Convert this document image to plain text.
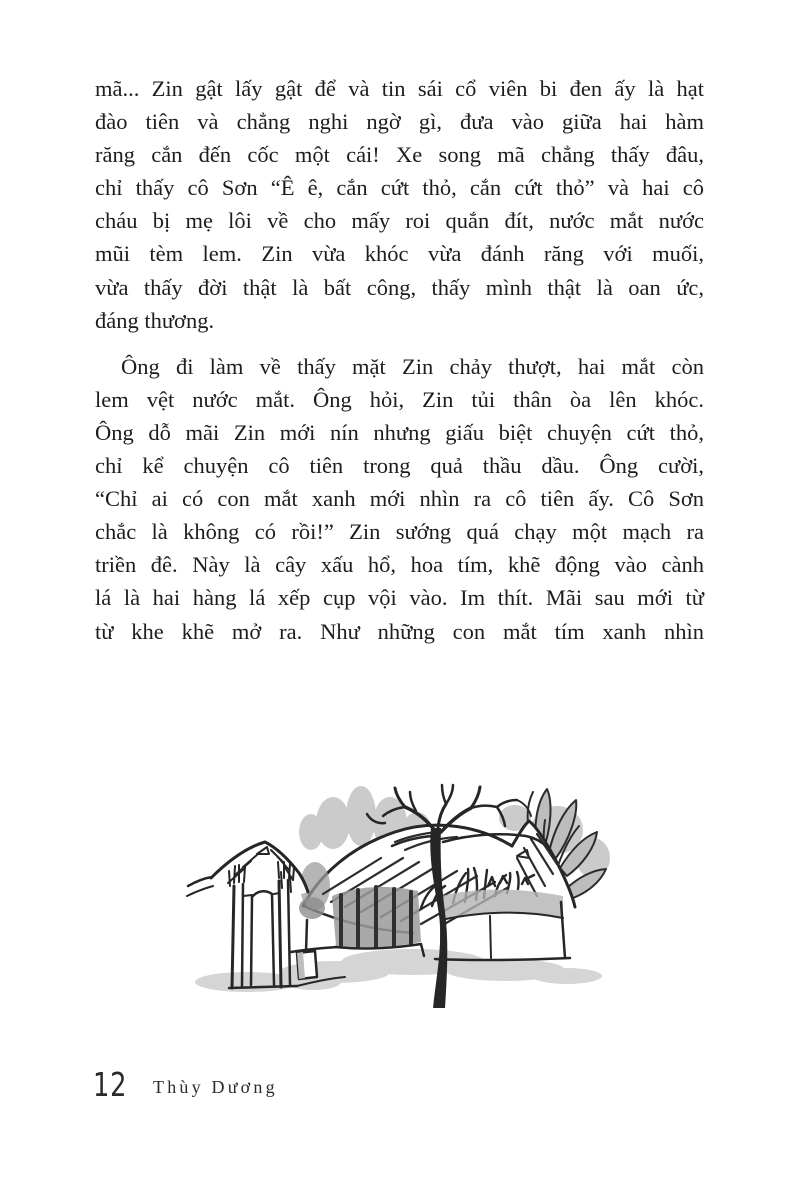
mã... Zin gật lấy gật để và tin sái cổ viên bi đen ấy là hạt
đào tiên và chẳng nghi ngờ gì, đưa vào giữa hai hàm
răng cắn đến cốc một cái! Xe song mã chẳng thấy đâu,
chỉ thấy cô Sơn “Ê ê, cắn cứt thỏ, cắn cứt thỏ” và hai cô
cháu bị mẹ lôi về cho mấy roi quắn đít, nước mắt nước
mũi tèm lem. Zin vừa khóc vừa đánh răng với muối,
vừa thấy đời thật là bất công, thấy mình thật là oan ức,
đáng thương.
Ông đi làm về thấy mặt Zin chảy thượt, hai mắt còn
lem vệt nước mắt. Ông hỏi, Zin tủi thân òa lên khóc.
Ông dỗ mãi Zin mới nín nhưng giấu biệt chuyện cứt thỏ,
chỉ kể chuyện cô tiên trong quả thầu dầu. Ông cười,
“Chỉ ai có con mắt xanh mới nhìn ra cô tiên ấy. Cô Sơn
chắc là không có rồi!” Zin sướng quá chạy một mạch ra
triền đê. Này là cây xấu hổ, hoa tím, khẽ động vào cành
lá là hai hàng lá xếp cụp vội vào. Im thít. Mãi sau mới từ
từ khe khẽ mở ra. Như những con mắt tím xanh nhìn
12 Thùy Dương
